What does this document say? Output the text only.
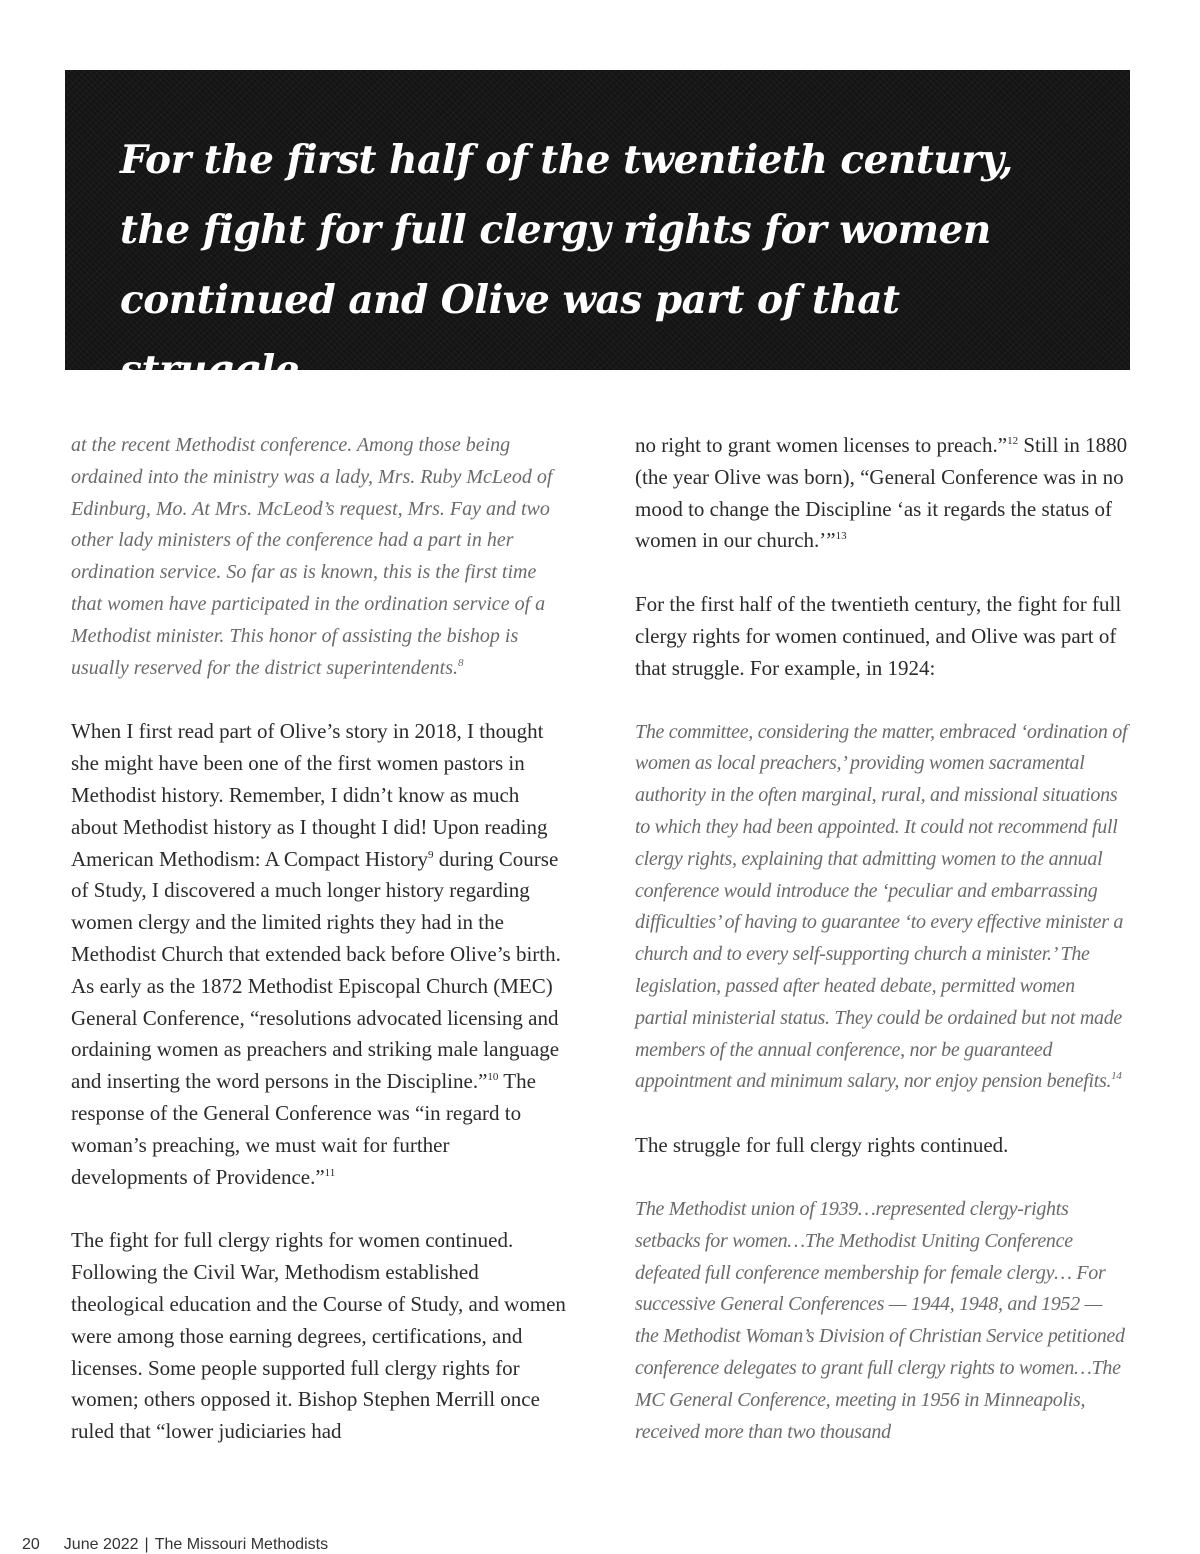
For the first half of the twentieth century, the fight for full clergy rights for women continued and Olive was part of that struggle.

at the recent Methodist conference. Among those being ordained into the ministry was a lady, Mrs. Ruby McLeod of Edinburg, Mo. At Mrs. McLeod’s request, Mrs. Fay and two other lady ministers of the conference had a part in her ordination service. So far as is known, this is the first time that women have participated in the ordination service of a Methodist minister. This honor of assisting the bishop is usually reserved for the district superintendents.$^8$

When I first read part of Olive’s story in 2018, I thought she might have been one of the first women pastors in Methodist history. Remember, I didn’t know as much about Methodist history as I thought I did! Upon reading American Methodism: A Compact History$^9$ during Course of Study, I discovered a much longer history regarding women clergy and the limited rights they had in the Methodist Church that extended back before Olive’s birth. As early as the 1872 Methodist Episcopal Church (MEC) General Conference, “resolutions advocated licensing and ordaining women as preachers and striking male language and inserting the word persons in the Discipline.”$^{10}$ The response of the General Conference was “in regard to woman’s preaching, we must wait for further developments of Providence.”$^{11}$

The fight for full clergy rights for women continued. Following the Civil War, Methodism established theological education and the Course of Study, and women were among those earning degrees, certifications, and licenses. Some people supported full clergy rights for women; others opposed it. Bishop Stephen Merrill once ruled that “lower judiciaries had

no right to grant women licenses to preach.”$^{12}$ Still in 1880 (the year Olive was born), “General Conference was in no mood to change the Discipline ‘as it regards the status of women in our church.’”$^{13}$

For the first half of the twentieth century, the fight for full clergy rights for women continued, and Olive was part of that struggle. For example, in 1924:

The committee, considering the matter, embraced ‘ordination of women as local preachers,’ providing women sacramental authority in the often marginal, rural, and missional situations to which they had been appointed. It could not recommend full clergy rights, explaining that admitting women to the annual conference would introduce the ‘peculiar and embarrassing difficulties’ of having to guarantee ‘to every effective minister a church and to every self-supporting church a minister.’ The legislation, passed after heated debate, permitted women partial ministerial status. They could be ordained but not made members of the annual conference, nor be guaranteed appointment and minimum salary, nor enjoy pension benefits.$^{14}$

The struggle for full clergy rights continued.

The Methodist union of 1939…represented clergy-rights setbacks for women…The Methodist Uniting Conference defeated full conference membership for female clergy… For successive General Conferences — 1944, 1948, and 1952 — the Methodist Woman’s Division of Christian Service petitioned conference delegates to grant full clergy rights to women…The MC General Conference, meeting in 1956 in Minneapolis, received more than two thousand

20 June 2022 | The Missouri Methodists
